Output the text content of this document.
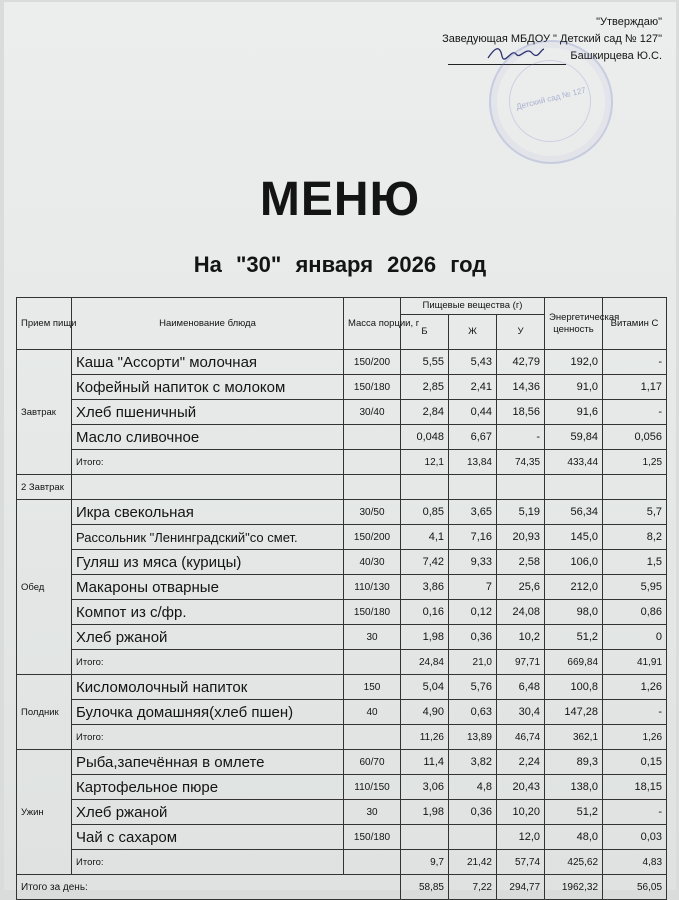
"Утверждаю"
Заведующая МБДОУ " Детский сад № 127"
Башкирцева Ю.С.
Детский сад № 127
МЕНЮ
На "30" января 2026 год
Прием пищи	Наименование блюда	Масса порции, г	Пищевые вещества (г)			Энергетическая ценность	Витамин С
			Б	Ж	У		
Завтрак	Каша "Ассорти" молочная	150/200	5,55	5,43	42,79	192,0	-
	Кофейный напиток с молоком	150/180	2,85	2,41	14,36	91,0	1,17
	Хлеб пшеничный	30/40	2,84	0,44	18,56	91,6	-
	Масло сливочное		0,048	6,67	-	59,84	0,056
	Итого:		12,1	13,84	74,35	433,44	1,25
2 Завтрак							
Обед	Икра свекольная	30/50	0,85	3,65	5,19	56,34	5,7
	Рассольник "Ленинградский"со смет.	150/200	4,1	7,16	20,93	145,0	8,2
	Гуляш из мяса (курицы)	40/30	7,42	9,33	2,58	106,0	1,5
	Макароны отварные	110/130	3,86	7	25,6	212,0	5,95
	Компот из с/фр.	150/180	0,16	0,12	24,08	98,0	0,86
	Хлеб ржаной	30	1,98	0,36	10,2	51,2	0
	Итого:		24,84	21,0	97,71	669,84	41,91
Полдник	Кисломолочный напиток	150	5,04	5,76	6,48	100,8	1,26
	Булочка домашняя(хлеб пшен)	40	4,90	0,63	30,4	147,28	-
	Итого:		11,26	13,89	46,74	362,1	1,26
Ужин	Рыба,запечённая в омлете	60/70	11,4	3,82	2,24	89,3	0,15
	Картофельное пюре	110/150	3,06	4,8	20,43	138,0	18,15
	Хлеб ржаной	30	1,98	0,36	10,20	51,2	-
	Чай с сахаром	150/180			12,0	48,0	0,03
	Итого:		9,7	21,42	57,74	425,62	4,83
Итого за день:			58,85	7,22	294,77	1962,32	56,05
